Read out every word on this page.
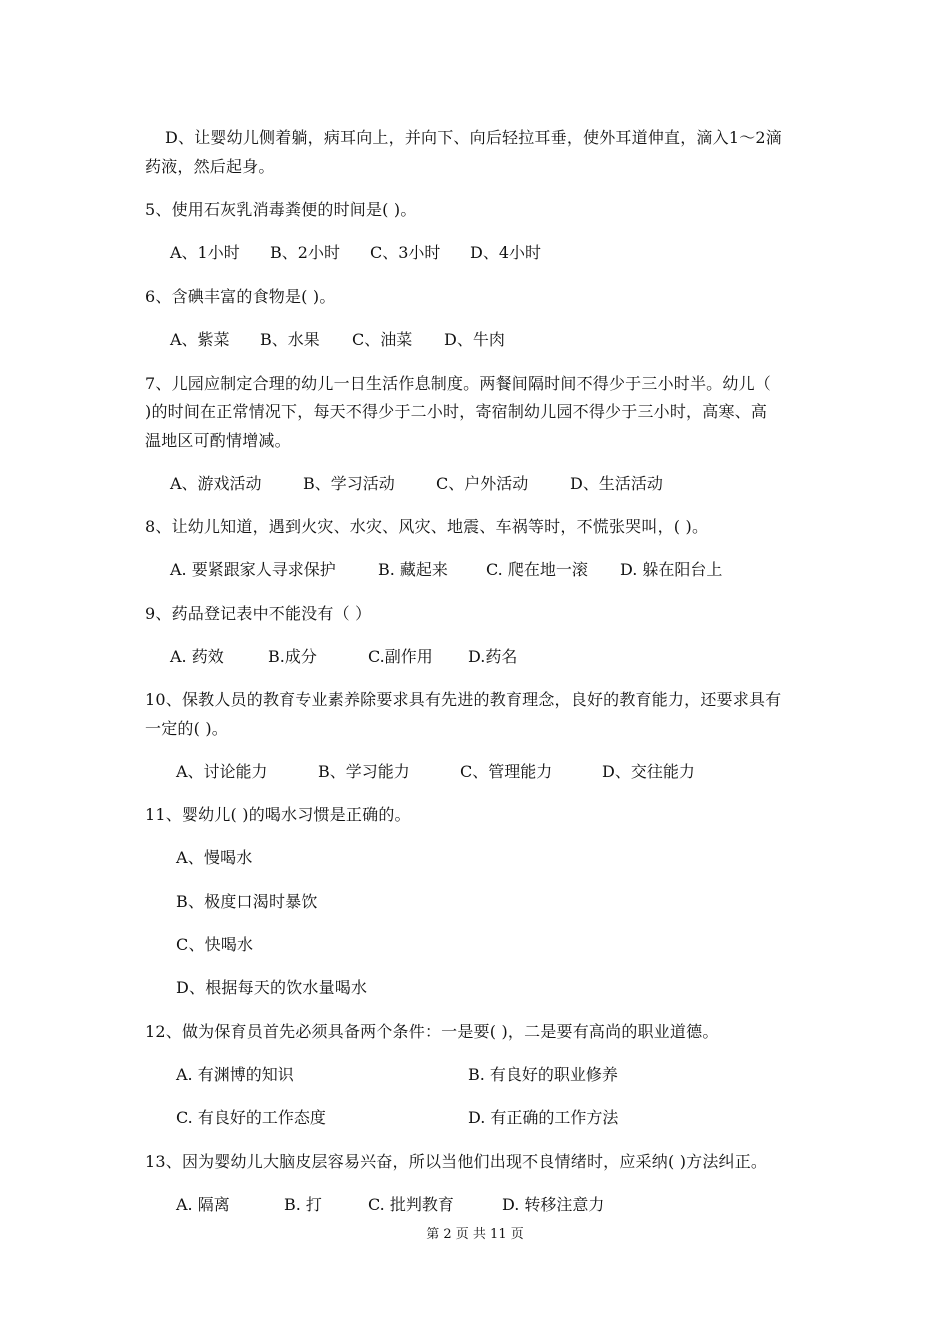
D、让婴幼儿侧着躺，病耳向上，并向下、向后轻拉耳垂，使外耳道伸直，滴入1～2滴
药液，然后起身。
5、使用石灰乳消毒粪便的时间是( )。
A、1小时 B、2小时 C、3小时 D、4小时
6、含碘丰富的食物是( )。
A、紫菜 B、水果 C、油菜 D、牛肉
7、儿园应制定合理的幼儿一日生活作息制度。两餐间隔时间不得少于三小时半。幼儿（
)的时间在正常情况下，每天不得少于二小时，寄宿制幼儿园不得少于三小时，高寒、高
温地区可酌情增减。
A、游戏活动	B、学习活动	C、户外活动	D、生活活动
8、让幼儿知道，遇到火灾、水灾、风灾、地震、车祸等时，不慌张哭叫，( )。
A. 要紧跟家人寻求保护	B. 藏起来 C. 爬在地一滚 D. 躲在阳台上
9、药品登记表中不能没有（ ）
A. 药效	B.成分	C.副作用 D.药名
10、保教人员的教育专业素养除要求具有先进的教育理念，良好的教育能力，还要求具有
一定的( )。
A、讨论能力	B、学习能力	C、管理能力	D、交往能力
11、婴幼儿( )的喝水习惯是正确的。
A、慢喝水
B、极度口渴时暴饮
C、快喝水
D、根据每天的饮水量喝水
12、做为保育员首先必须具备两个条件：一是要( )，二是要有高尚的职业道德。
A. 有渊博的知识	B. 有良好的职业修养
C. 有良好的工作态度	D. 有正确的工作方法
13、因为婴幼儿大脑皮层容易兴奋，所以当他们出现不良情绪时，应采纳( )方法纠正。
A. 隔离	B. 打	C. 批判教育	D. 转移注意力
第 2 页 共 11 页
